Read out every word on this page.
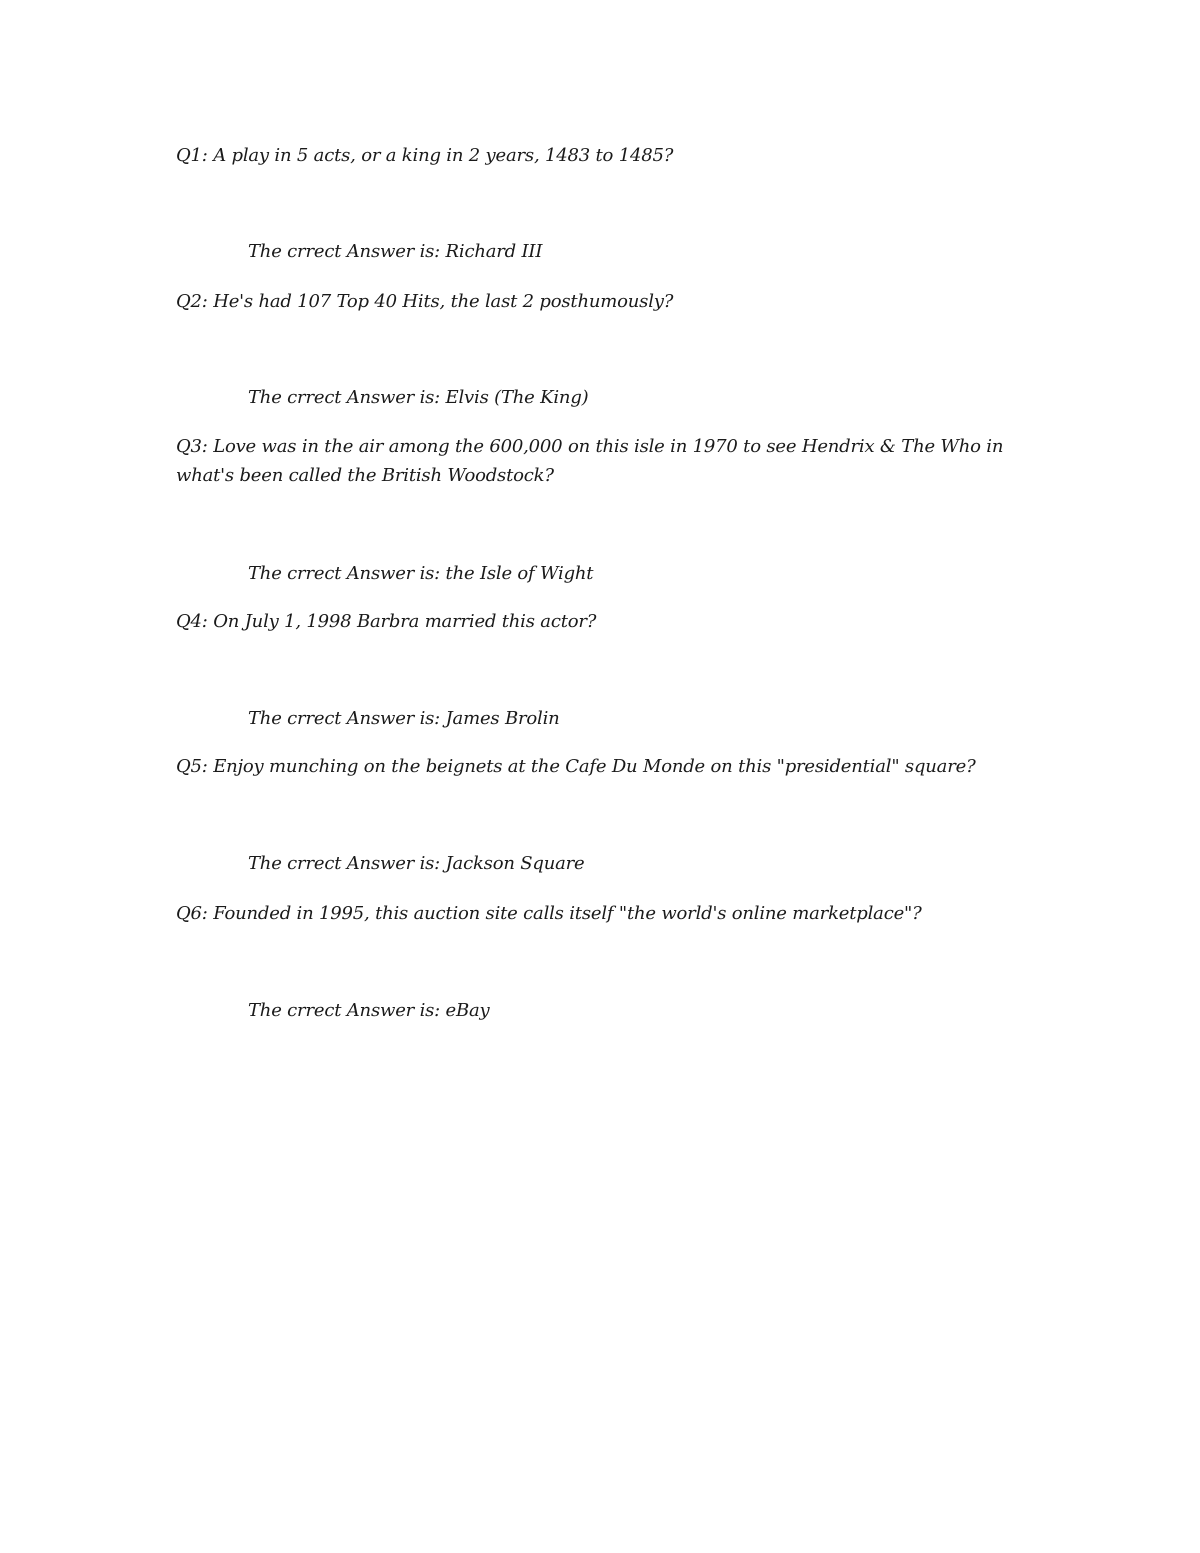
Q1: A play in 5 acts, or a king in 2 years, 1483 to 1485?
The crrect Answer is: Richard III
Q2: He's had 107 Top 40 Hits, the last 2 posthumously?
The crrect Answer is: Elvis (The King)
Q3: Love was in the air among the 600,000 on this isle in 1970 to see Hendrix & The Who in
what's been called the British Woodstock?
The crrect Answer is: the Isle of Wight
Q4: On July 1, 1998 Barbra married this actor?
The crrect Answer is: James Brolin
Q5: Enjoy munching on the beignets at the Cafe Du Monde on this "presidential" square?
The crrect Answer is: Jackson Square
Q6: Founded in 1995, this auction site calls itself "the world's online marketplace"?
The crrect Answer is: eBay
